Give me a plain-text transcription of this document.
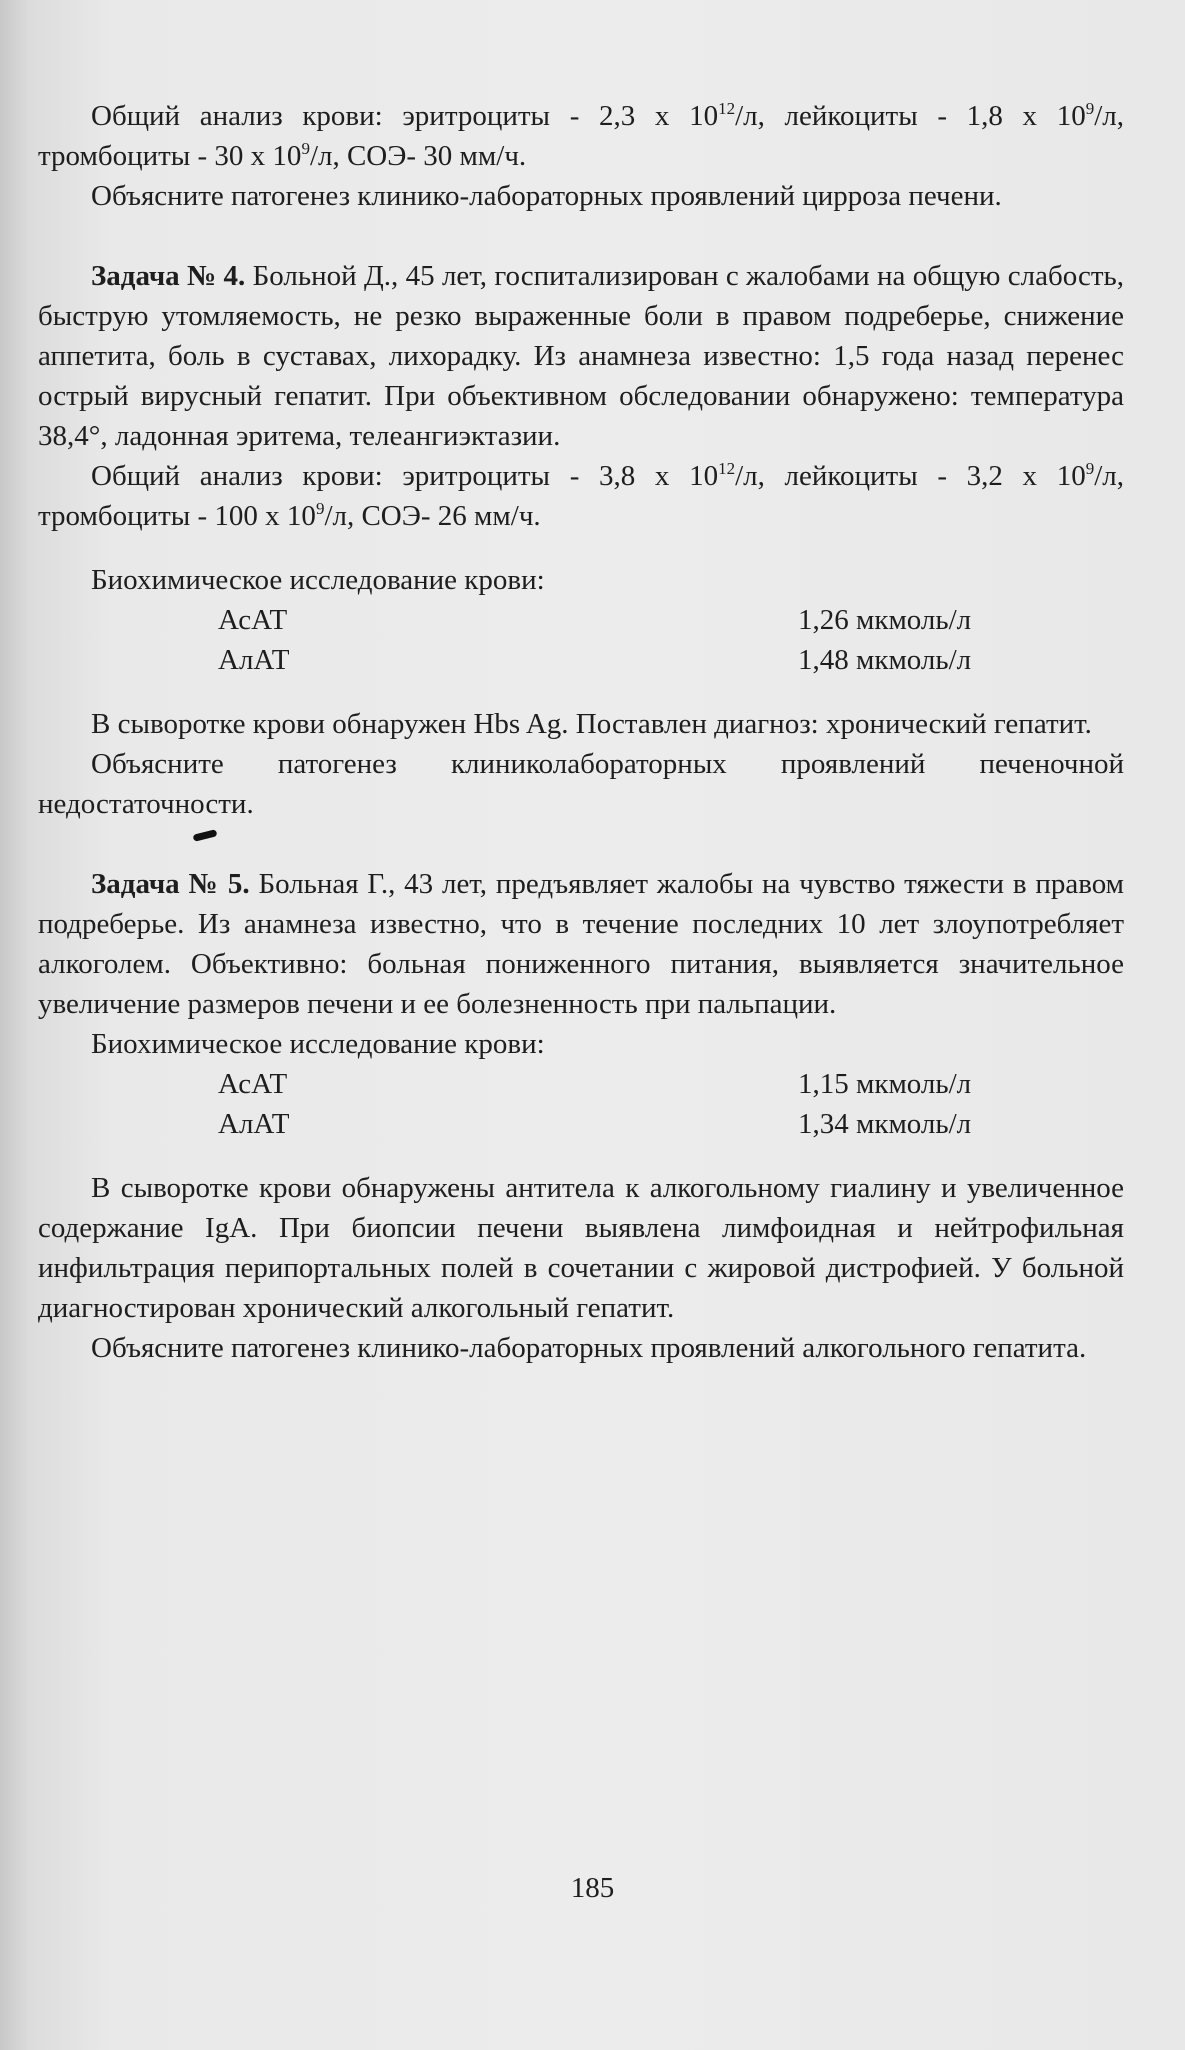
Общий анализ крови: эритроциты - 2,3 х $10^{12}/л$, лейкоциты - 1,8 х $10^9/л$, тромбоциты - 30 х $10^9/л$, СОЭ- 30 мм/ч.

Объясните патогенез клинико-лабораторных проявлений цирроза печени.

Задача № 4. Больной Д., 45 лет, госпитализирован с жалобами на общую слабость, быструю утомляемость, не резко выраженные боли в правом подреберье, снижение аппетита, боль в суставах, лихорадку. Из анамнеза известно: 1,5 года назад перенес острый вирусный гепатит. При объективном обследовании обнаружено: температура 38,4°, ладонная эритема, телеангиэктазии.

Общий анализ крови: эритроциты - 3,8 х $10^{12}/л$, лейкоциты - 3,2 х $10^9/л$, тромбоциты - 100 х $10^9/л$, СОЭ- 26 мм/ч.

Биохимическое исследование крови:

АсАТ	1,26 мкмоль/л
АлАТ	1,48 мкмоль/л

В сыворотке крови обнаружен Hbs Ag. Поставлен диагноз: хронический гепатит.

Объясните патогенез клиниколабораторных проявлений печеночной недостаточности.

Задача № 5. Больная Г., 43 лет, предъявляет жалобы на чувство тяжести в правом подреберье. Из анамнеза известно, что в течение последних 10 лет злоупотребляет алкоголем. Объективно: больная пониженного питания, выявляется значительное увеличение размеров печени и ее болезненность при пальпации.

Биохимическое исследование крови:

АсАТ	1,15 мкмоль/л
АлАТ	1,34 мкмоль/л

В сыворотке крови обнаружены антитела к алкогольному гиалину и увеличенное содержание IgA. При биопсии печени выявлена лимфоидная и нейтрофильная инфильтрация перипортальных полей в сочетании с жировой дистрофией. У больной диагностирован хронический алкогольный гепатит.

Объясните патогенез клинико-лабораторных проявлений алкогольного гепатита.

185
